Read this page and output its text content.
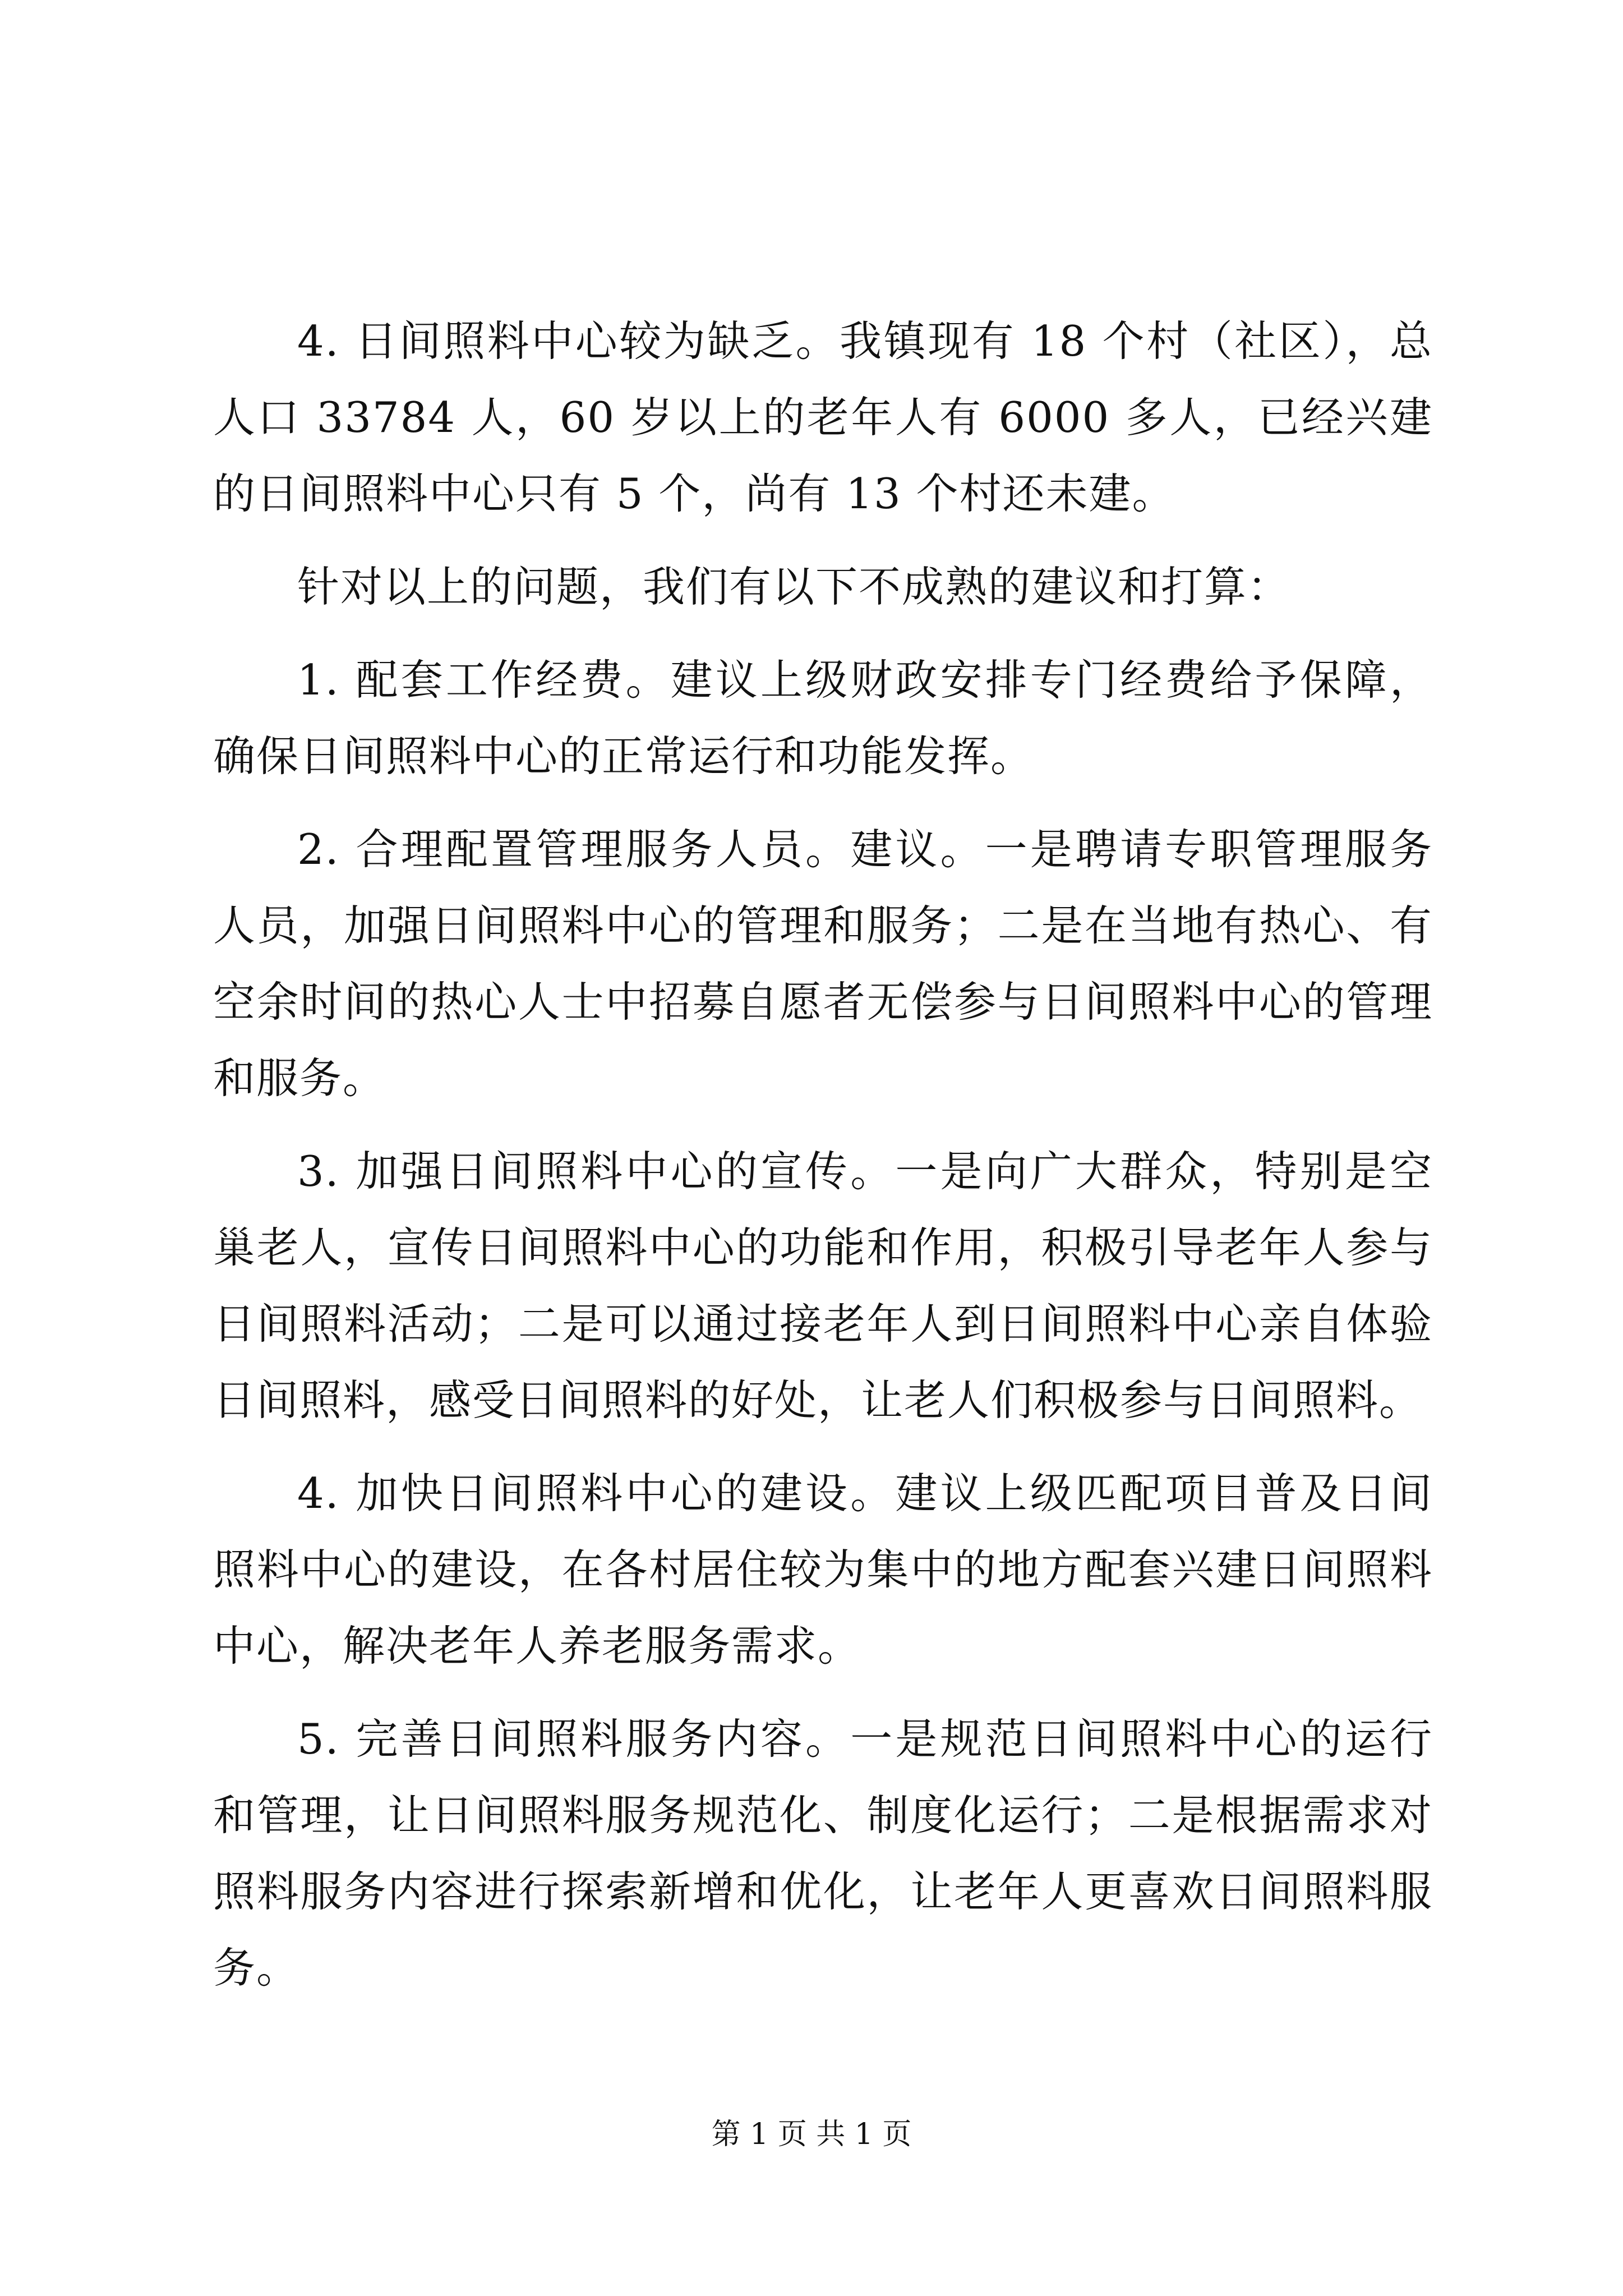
4. 日间照料中心较为缺乏。我镇现有 18 个村（社区），总人口 33784 人，60 岁以上的老年人有 6000 多人，已经兴建的日间照料中心只有 5 个，尚有 13 个村还未建。

针对以上的问题，我们有以下不成熟的建议和打算：

1. 配套工作经费。建议上级财政安排专门经费给予保障，确保日间照料中心的正常运行和功能发挥。

2. 合理配置管理服务人员。建议。一是聘请专职管理服务人员，加强日间照料中心的管理和服务；二是在当地有热心、有空余时间的热心人士中招募自愿者无偿参与日间照料中心的管理和服务。

3. 加强日间照料中心的宣传。一是向广大群众，特别是空巢老人，宣传日间照料中心的功能和作用，积极引导老年人参与日间照料活动；二是可以通过接老年人到日间照料中心亲自体验日间照料，感受日间照料的好处，让老人们积极参与日间照料。

4. 加快日间照料中心的建设。建议上级匹配项目普及日间照料中心的建设，在各村居住较为集中的地方配套兴建日间照料中心，解决老年人养老服务需求。

5. 完善日间照料服务内容。一是规范日间照料中心的运行和管理，让日间照料服务规范化、制度化运行；二是根据需求对照料服务内容进行探索新增和优化，让老年人更喜欢日间照料服务。

第 1 页 共 1 页
